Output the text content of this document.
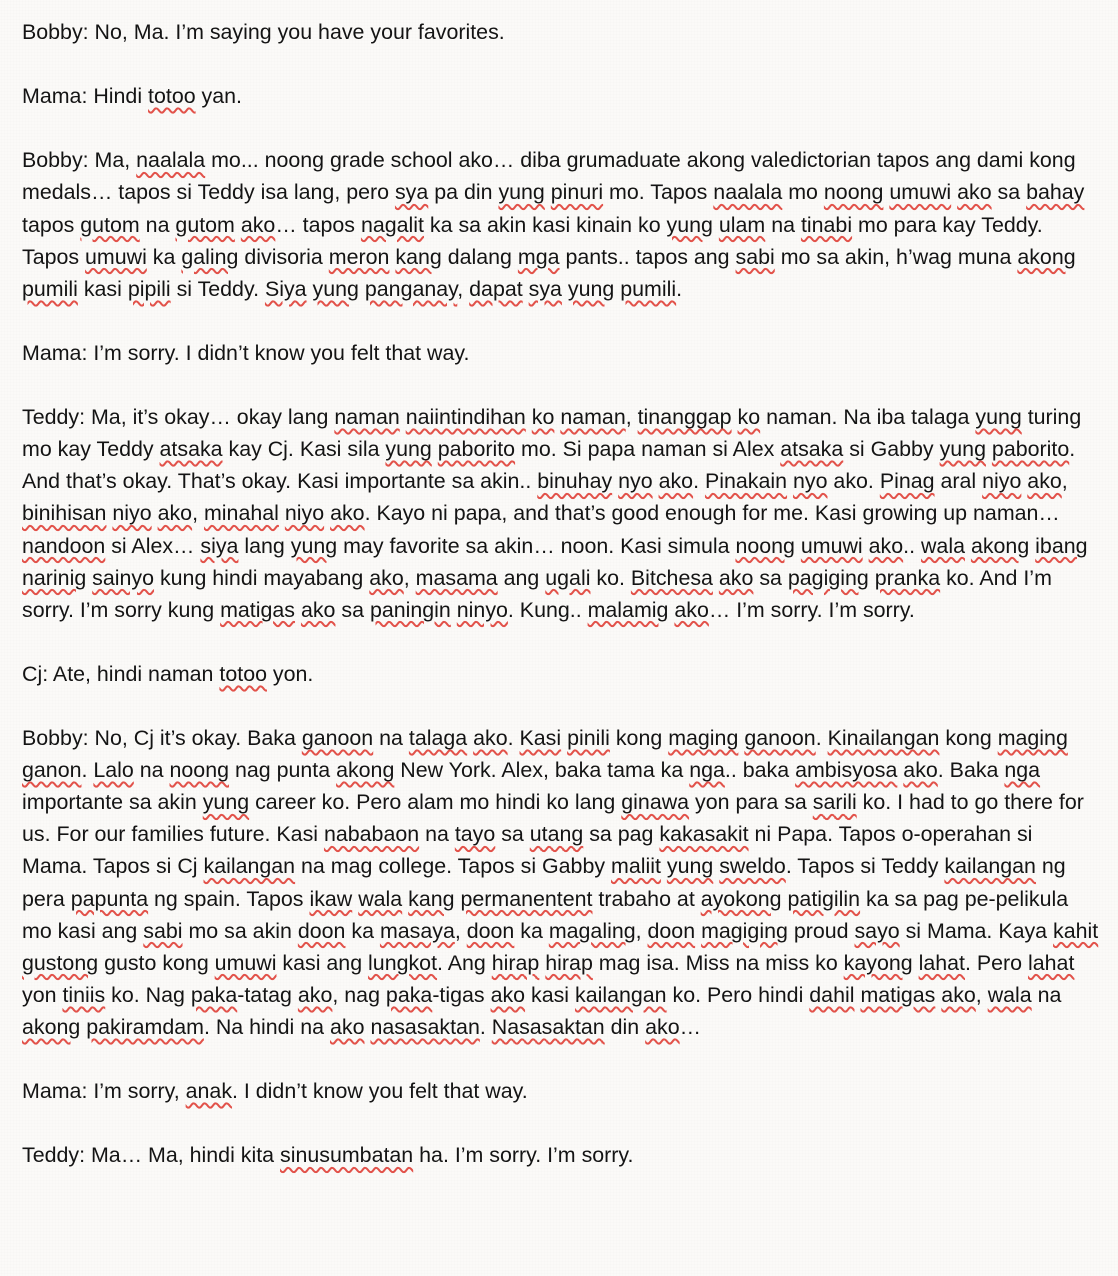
Bobby: No, Ma. I’m saying you have your favorites.

Mama: Hindi totoo yan.

Bobby: Ma, naalala mo... noong grade school ako… diba grumaduate akong valedictorian tapos ang dami kong medals… tapos si Teddy isa lang, pero sya pa din yung pinuri mo. Tapos naalala mo noong umuwi ako sa bahay tapos gutom na gutom ako… tapos nagalit ka sa akin kasi kinain ko yung ulam na tinabi mo para kay Teddy. Tapos umuwi ka galing divisoria meron kang dalang mga pants.. tapos ang sabi mo sa akin, h’wag muna akong pumili kasi pipili si Teddy. Siya yung panganay, dapat sya yung pumili.

Mama: I’m sorry. I didn’t know you felt that way.

Teddy: Ma, it’s okay… okay lang naman naiintindihan ko naman, tinanggap ko naman. Na iba talaga yung turing mo kay Teddy atsaka kay Cj. Kasi sila yung paborito mo. Si papa naman si Alex atsaka si Gabby yung paborito. And that’s okay. That’s okay. Kasi importante sa akin.. binuhay nyo ako. Pinakain nyo ako. Pinag aral niyo ako, binihisan niyo ako, minahal niyo ako. Kayo ni papa, and that’s good enough for me. Kasi growing up naman… nandoon si Alex… siya lang yung may favorite sa akin… noon. Kasi simula noong umuwi ako.. wala akong ibang narinig sainyo kung hindi mayabang ako, masama ang ugali ko. Bitchesa ako sa pagiging pranka ko. And I’m sorry. I’m sorry kung matigas ako sa paningin ninyo. Kung.. malamig ako… I’m sorry. I’m sorry.

Cj: Ate, hindi naman totoo yon.

Bobby: No, Cj it’s okay. Baka ganoon na talaga ako. Kasi pinili kong maging ganoon. Kinailangan kong maging ganon. Lalo na noong nag punta akong New York. Alex, baka tama ka nga.. baka ambisyosa ako. Baka nga importante sa akin yung career ko. Pero alam mo hindi ko lang ginawa yon para sa sarili ko. I had to go there for us. For our families future. Kasi nababaon na tayo sa utang sa pag kakasakit ni Papa. Tapos o-operahan si Mama. Tapos si Cj kailangan na mag college. Tapos si Gabby maliit yung sweldo. Tapos si Teddy kailangan ng pera papunta ng spain. Tapos ikaw wala kang permanentent trabaho at ayokong patigilin ka sa pag pe-pelikula mo kasi ang sabi mo sa akin doon ka masaya, doon ka magaling, doon magiging proud sayo si Mama. Kaya kahit gustong gusto kong umuwi kasi ang lungkot. Ang hirap hirap mag isa. Miss na miss ko kayong lahat. Pero lahat yon tiniis ko. Nag paka-tatag ako, nag paka-tigas ako kasi kailangan ko. Pero hindi dahil matigas ako, wala na akong pakiramdam. Na hindi na ako nasasaktan. Nasasaktan din ako…

Mama: I’m sorry, anak. I didn’t know you felt that way.

Teddy: Ma… Ma, hindi kita sinusumbatan ha. I’m sorry. I’m sorry.
